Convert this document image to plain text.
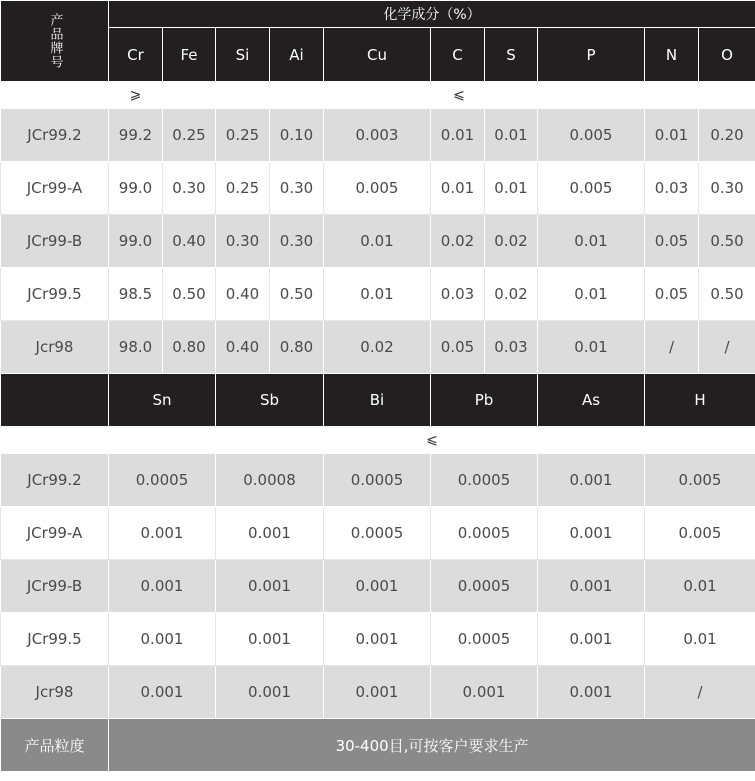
产品牌号	化学成分（%）									
	Cr	Fe	Si	Ai	Cu	C	S	P	N	O
	⩾	⩽								
JCr99.2	99.2	0.25	0.25	0.10	0.003	0.01	0.01	0.005	0.01	0.20
JCr99-A	99.0	0.30	0.25	0.30	0.005	0.01	0.01	0.005	0.03	0.30
JCr99-B	99.0	0.40	0.30	0.30	0.01	0.02	0.02	0.01	0.05	0.50
JCr99.5	98.5	0.50	0.40	0.50	0.01	0.03	0.02	0.01	0.05	0.50
Jcr98	98.0	0.80	0.40	0.80	0.02	0.05	0.03	0.01	/	/
	Sn		Sb		Bi	Pb		As	H	
	⩽									
JCr99.2	0.0005		0.0008		0.0005	0.0005		0.001	0.005	
JCr99-A	0.001		0.001		0.0005	0.0005		0.001	0.005	
JCr99-B	0.001		0.001		0.001	0.0005		0.001	0.01	
JCr99.5	0.001		0.001		0.001	0.0005		0.001	0.01	
Jcr98	0.001		0.001		0.001	0.001		0.001	/	
产品粒度	30-400目,可按客户要求生产									
